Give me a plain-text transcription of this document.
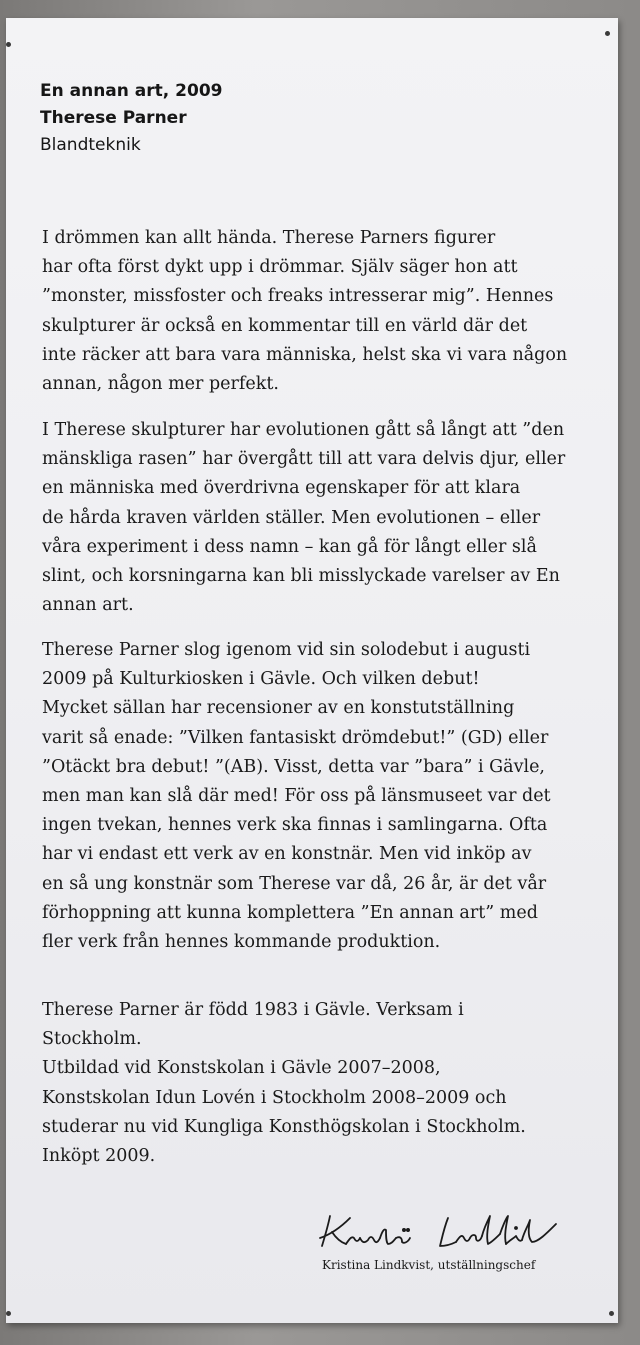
En annan art, 2009
Therese Parner
Blandteknik
I drömmen kan allt hända. Therese Parners figurer
har ofta först dykt upp i drömmar. Själv säger hon att
”monster, missfoster och freaks intresserar mig”. Hennes
skulpturer är också en kommentar till en värld där det
inte räcker att bara vara människa, helst ska vi vara någon
annan, någon mer perfekt.
I Therese skulpturer har evolutionen gått så långt att ”den
mänskliga rasen” har övergått till att vara delvis djur, eller
en människa med överdrivna egenskaper för att klara
de hårda kraven världen ställer. Men evolutionen – eller
våra experiment i dess namn – kan gå för långt eller slå
slint, och korsningarna kan bli misslyckade varelser av En
annan art.
Therese Parner slog igenom vid sin solodebut i augusti
2009 på Kulturkiosken i Gävle. Och vilken debut!
Mycket sällan har recensioner av en konstutställning
varit så enade: ”Vilken fantasiskt drömdebut!” (GD) eller
”Otäckt bra debut! ”(AB). Visst, detta var ”bara” i Gävle,
men man kan slå där med! För oss på länsmuseet var det
ingen tvekan, hennes verk ska finnas i samlingarna. Ofta
har vi endast ett verk av en konstnär. Men vid inköp av
en så ung konstnär som Therese var då, 26 år, är det vår
förhoppning att kunna komplettera ”En annan art” med
fler verk från hennes kommande produktion.
Therese Parner är född 1983 i Gävle. Verksam i
Stockholm.
Utbildad vid Konstskolan i Gävle 2007–2008,
Konstskolan Idun Lovén i Stockholm 2008–2009 och
studerar nu vid Kungliga Konsthögskolan i Stockholm.
Inköpt 2009.
Kristina Lindkvist, utställningschef
